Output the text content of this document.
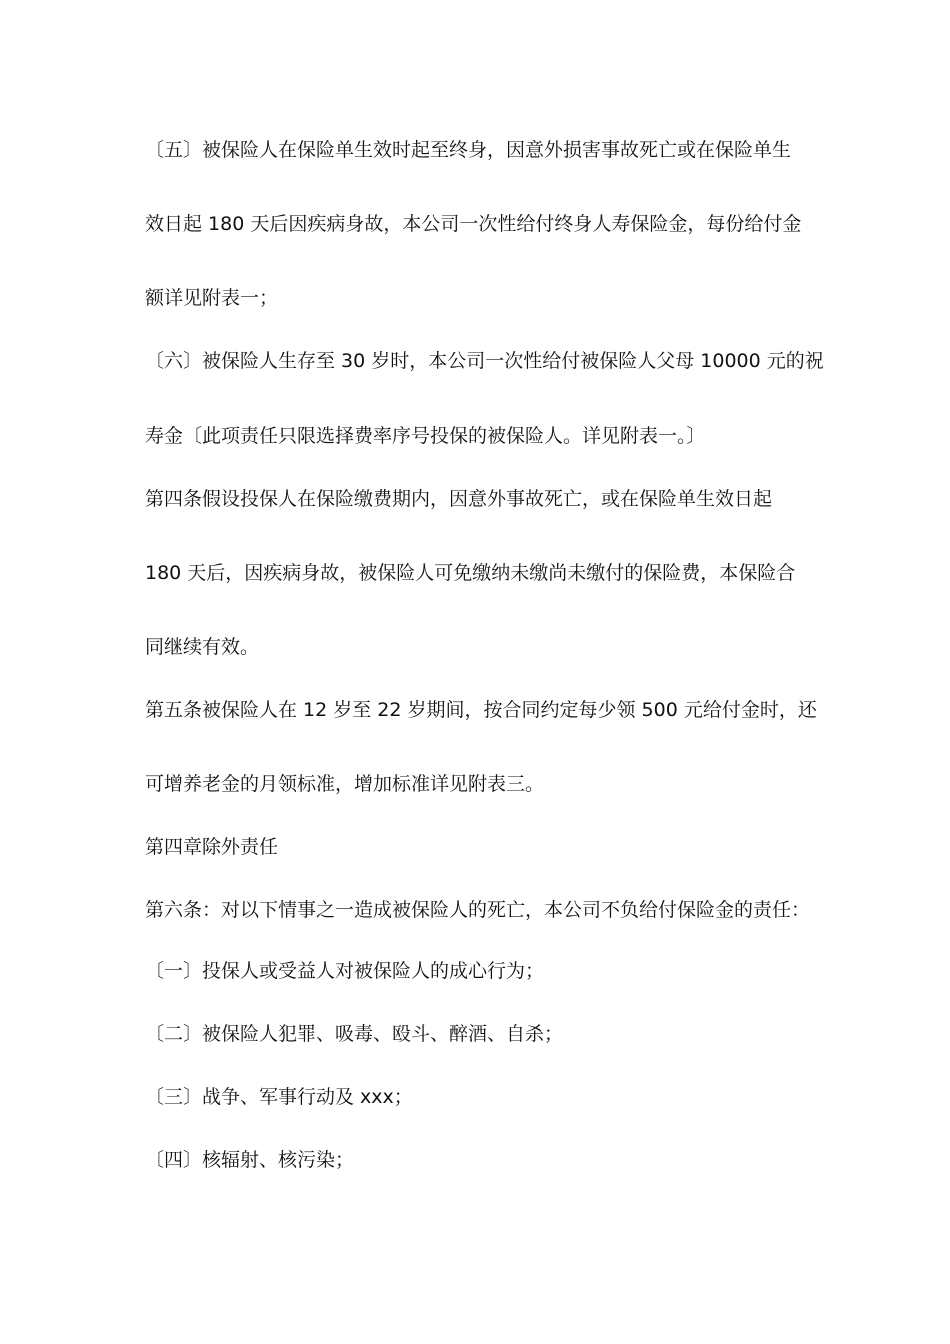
〔五〕被保险人在保险单生效时起至终身，因意外损害事故死亡或在保险单生
效日起 180 天后因疾病身故，本公司一次性给付终身人寿保险金，每份给付金
额详见附表一；
〔六〕被保险人生存至 30 岁时，本公司一次性给付被保险人父母 10000 元的祝
寿金〔此项责任只限选择费率序号投保的被保险人。详见附表一。〕
第四条假设投保人在保险缴费期内，因意外事故死亡，或在保险单生效日起
180 天后，因疾病身故，被保险人可免缴纳未缴尚未缴付的保险费，本保险合
同继续有效。
第五条被保险人在 12 岁至 22 岁期间，按合同约定每少领 500 元给付金时，还
可增养老金的月领标准，增加标准详见附表三。
第四章除外责任
第六条：对以下情事之一造成被保险人的死亡，本公司不负给付保险金的责任：
〔一〕投保人或受益人对被保险人的成心行为；
〔二〕被保险人犯罪、吸毒、殴斗、醉酒、自杀；
〔三〕战争、军事行动及 xxx；
〔四〕核辐射、核污染；
